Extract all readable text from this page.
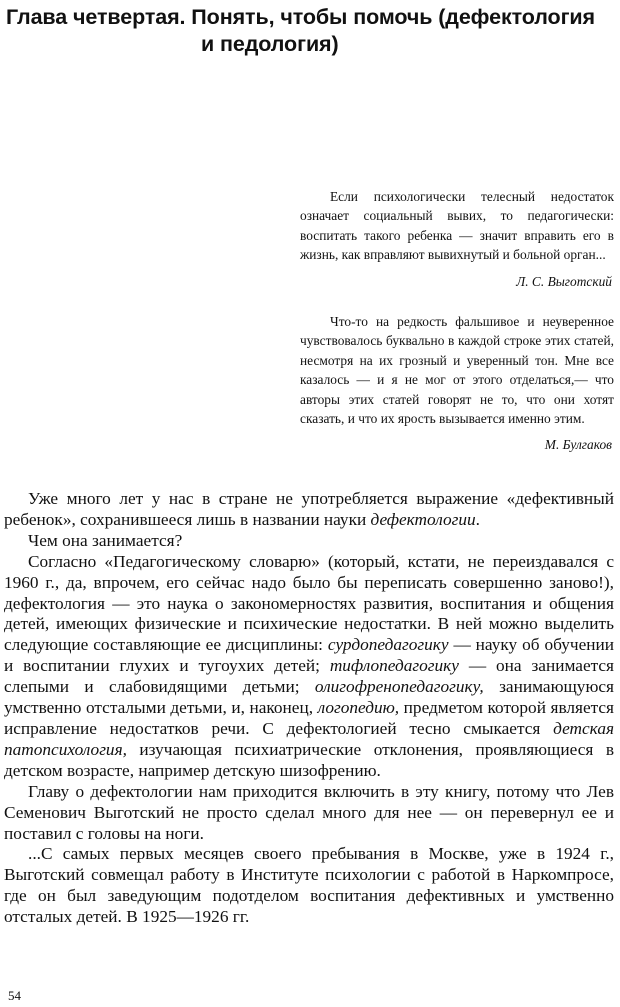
Глава четвертая. Понять, чтобы помочь (дефектология
и педология)

Если психологически телесный недостаток означает социальный вывих, то педагогически: воспитать такого ребенка — значит вправить его в жизнь, как вправляют вывихнутый и больной орган...

Л. С. Выготский

Что-то на редкость фальшивое и неуверенное чувствовалось буквально в каждой строке этих статей, несмотря на их грозный и уверенный тон. Мне все казалось — и я не мог от этого отделаться,— что авторы этих статей говорят не то, что они хотят сказать, и что их ярость вызывается именно этим.

М. Булгаков

Уже много лет у нас в стране не употребляется выражение «дефективный ребенок», сохранившееся лишь в названии науки дефектологии.

Чем она занимается?

Согласно «Педагогическому словарю» (который, кстати, не переиздавался с 1960 г., да, впрочем, его сейчас надо было бы переписать совершенно заново!), дефектология — это наука о закономерностях развития, воспитания и общения детей, имеющих физические и психические недостатки. В ней можно выделить следующие составляющие ее дисциплины: сурдопедагогику — науку об обучении и воспитании глухих и тугоухих детей; тифлопедагогику — она занимается слепыми и слабовидящими детьми; олигофренопедагогику, занимающуюся умственно отсталыми детьми, и, наконец, логопедию, предметом которой является исправление недостатков речи. С дефектологией тесно смыкается детская патопсихология, изучающая психиатрические отклонения, проявляющиеся в детском возрасте, например детскую шизофрению.

Главу о дефектологии нам приходится включить в эту книгу, потому что Лев Семенович Выготский не просто сделал много для нее — он перевернул ее и поставил с головы на ноги.

...С самых первых месяцев своего пребывания в Москве, уже в 1924 г., Выготский совмещал работу в Институте психологии с работой в Наркомпросе, где он был заведующим подотделом воспитания дефективных и умственно отсталых детей. В 1925—1926 гг.

54
